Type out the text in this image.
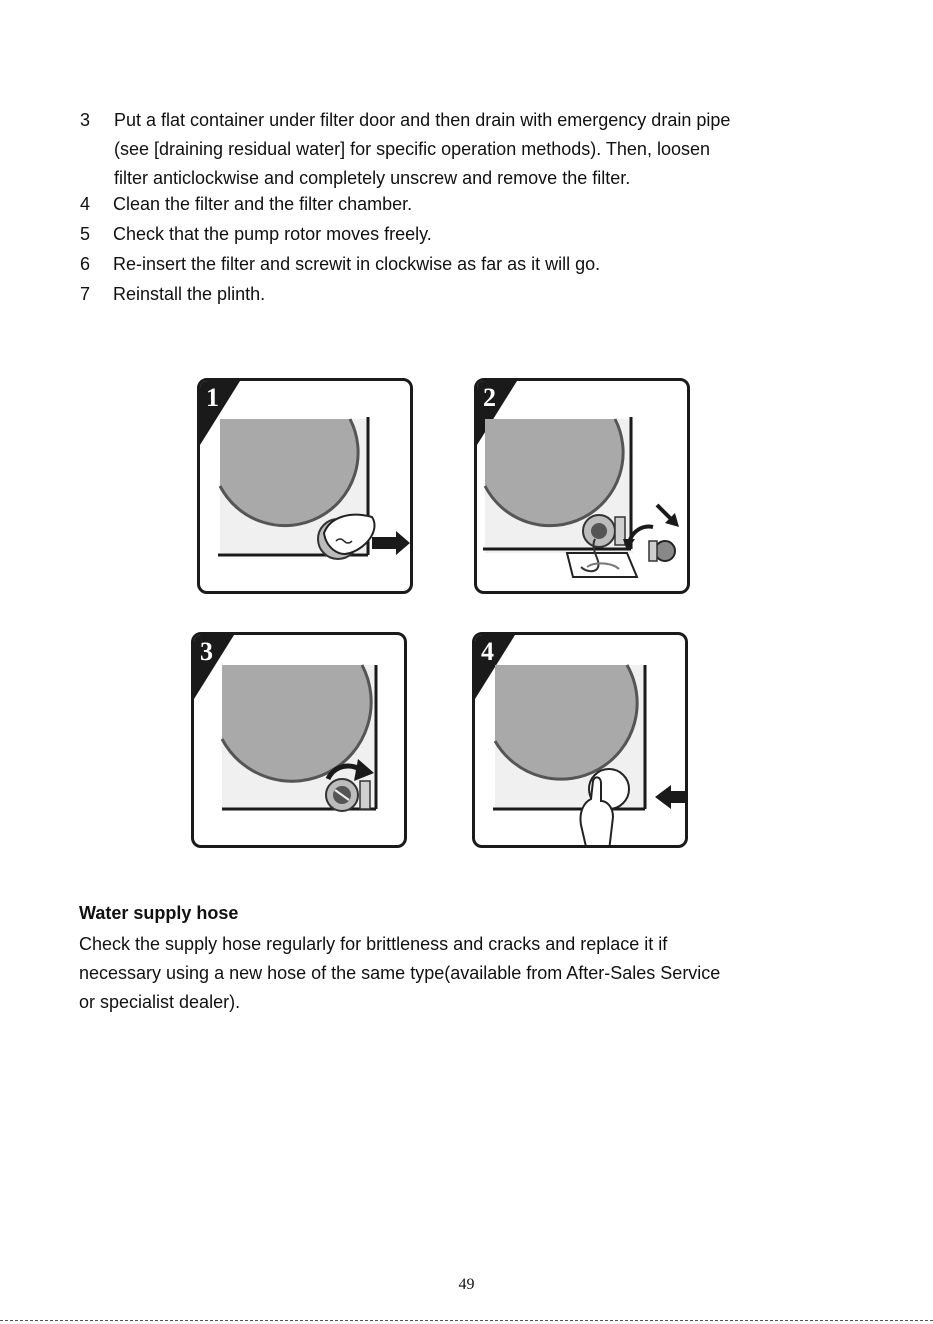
3 Put a flat container under filter door and then drain with emergency drain pipe
(see [draining residual water] for specific operation methods). Then, loosen
filter anticlockwise and completely unscrew and remove the filter.
4 Clean the filter and the filter chamber.
5 Check that the pump rotor moves freely.
6 Re-insert the filter and screwit in clockwise as far as it will go.
7 Reinstall the plinth.
1	2
3	4
Water supply hose

Check the supply hose regularly for brittleness and cracks and replace it if

necessary using a new hose of the same type(available from After-Sales Service

or specialist dealer).

49
